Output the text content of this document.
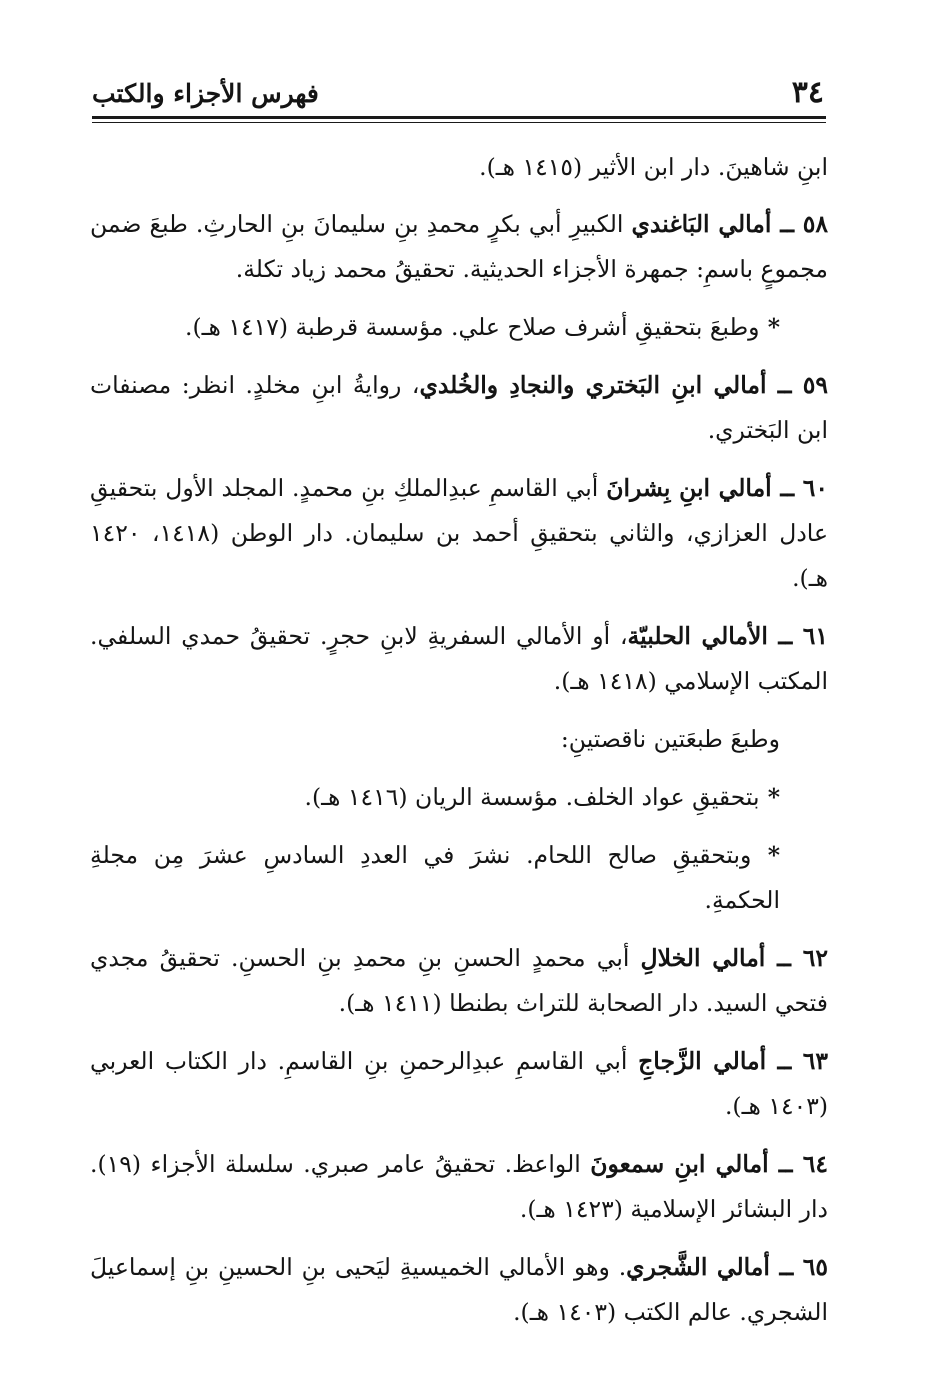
٣٤
فهرس الأجزاء والكتب

ابنِ شاهينَ. دار ابن الأثير (١٤١٥ هـ).

٥٨ ــ أمالي البَاغندي الكبيرِ أبي بكرٍ محمدِ بنِ سليمانَ بنِ الحارثِ. طبعَ ضمن مجموعٍ باسمِ: جمهرة الأجزاء الحديثية. تحقيقُ محمد زياد تكلة.

* وطبعَ بتحقيقِ أشرف صلاح علي. مؤسسة قرطبة (١٤١٧ هـ).

٥٩ ــ أمالي ابنِ البَختري والنجادِ والخُلدي، روايةُ ابنِ مخلدٍ. انظر: مصنفات ابن البَختري.

٦٠ ــ أمالي ابنِ بِشرانَ أبي القاسمِ عبدِالملكِ بنِ محمدٍ. المجلد الأول بتحقيقِ عادل العزازي، والثاني بتحقيقِ أحمد بن سليمان. دار الوطن (١٤١٨، ١٤٢٠ هـ).

٦١ ــ الأمالي الحلبيّة، أو الأمالي السفريةِ لابنِ حجرٍ. تحقيقُ حمدي السلفي. المكتب الإسلامي (١٤١٨ هـ).

وطبعَ طبعَتين ناقصتينِ:

* بتحقيقِ عواد الخلف. مؤسسة الريان (١٤١٦ هـ).

* وبتحقيقِ صالح اللحام. نشرَ في العددِ السادسِ عشرَ مِن مجلةِ الحكمةِ.

٦٢ ــ أمالي الخلالِ أبي محمدٍ الحسنِ بنِ محمدِ بنِ الحسنِ. تحقيقُ مجدي فتحي السيد. دار الصحابة للتراث بطنطا (١٤١١ هـ).

٦٣ ــ أمالي الزَّجاجِ أبي القاسمِ عبدِالرحمنِ بنِ القاسمِ. دار الكتاب العربي (١٤٠٣ هـ).

٦٤ ــ أمالي ابنِ سمعونَ الواعظ. تحقيقُ عامر صبري. سلسلة الأجزاء (١٩). دار البشائر الإسلامية (١٤٢٣ هـ).

٦٥ ــ أمالي الشَّجري. وهو الأمالي الخميسيةِ ليَحيى بنِ الحسينِ بنِ إسماعيلَ الشجري. عالم الكتب (١٤٠٣ هـ).
